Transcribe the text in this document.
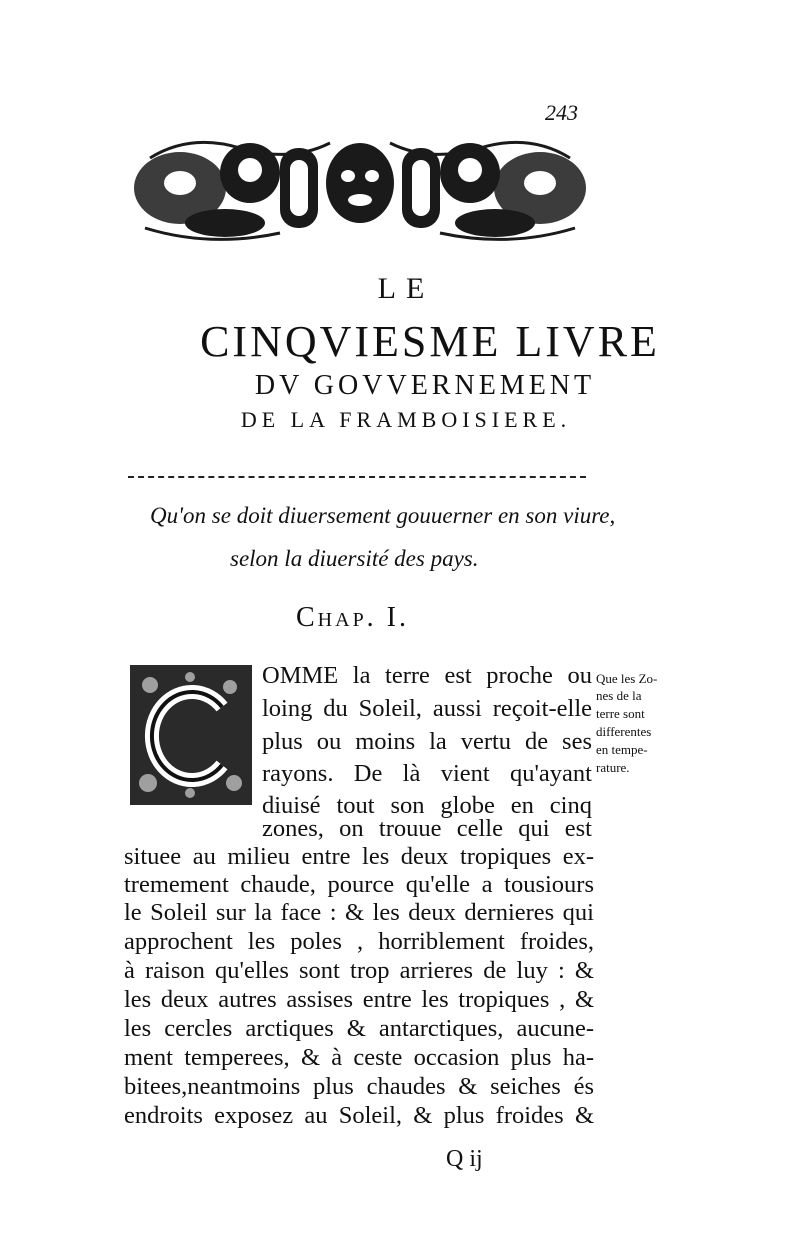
243
LE
CINQVIESME LIVRE
DV GOVVERNEMENT
DE LA FRAMBOISIERE.
Qu'on se doit diuersement gouuerner en son viure,
selon la diuersité des pays.
Chap. I.
C
OMME la terre est proche ou
loing du Soleil, aussi reçoit-elle
plus ou moins la vertu de ses
rayons. De là vient qu'ayant
diuisé tout son globe en cinq
zones, on trouue celle qui est
situee au milieu entre les deux tropiques ex-
tremement chaude, pource qu'elle a tousiours
le Soleil sur la face : & les deux dernieres qui
approchent les poles , horriblement froides,
à raison qu'elles sont trop arrieres de luy : &
les deux autres assises entre les tropiques , &
les cercles arctiques & antarctiques, aucune-
ment temperees, & à ceste occasion plus ha-
bitees,neantmoins plus chaudes & seiches és
endroits exposez au Soleil, & plus froides &
Que les Zo-
nes de la
terre sont
differentes
en tempe-
rature.
Q ij
